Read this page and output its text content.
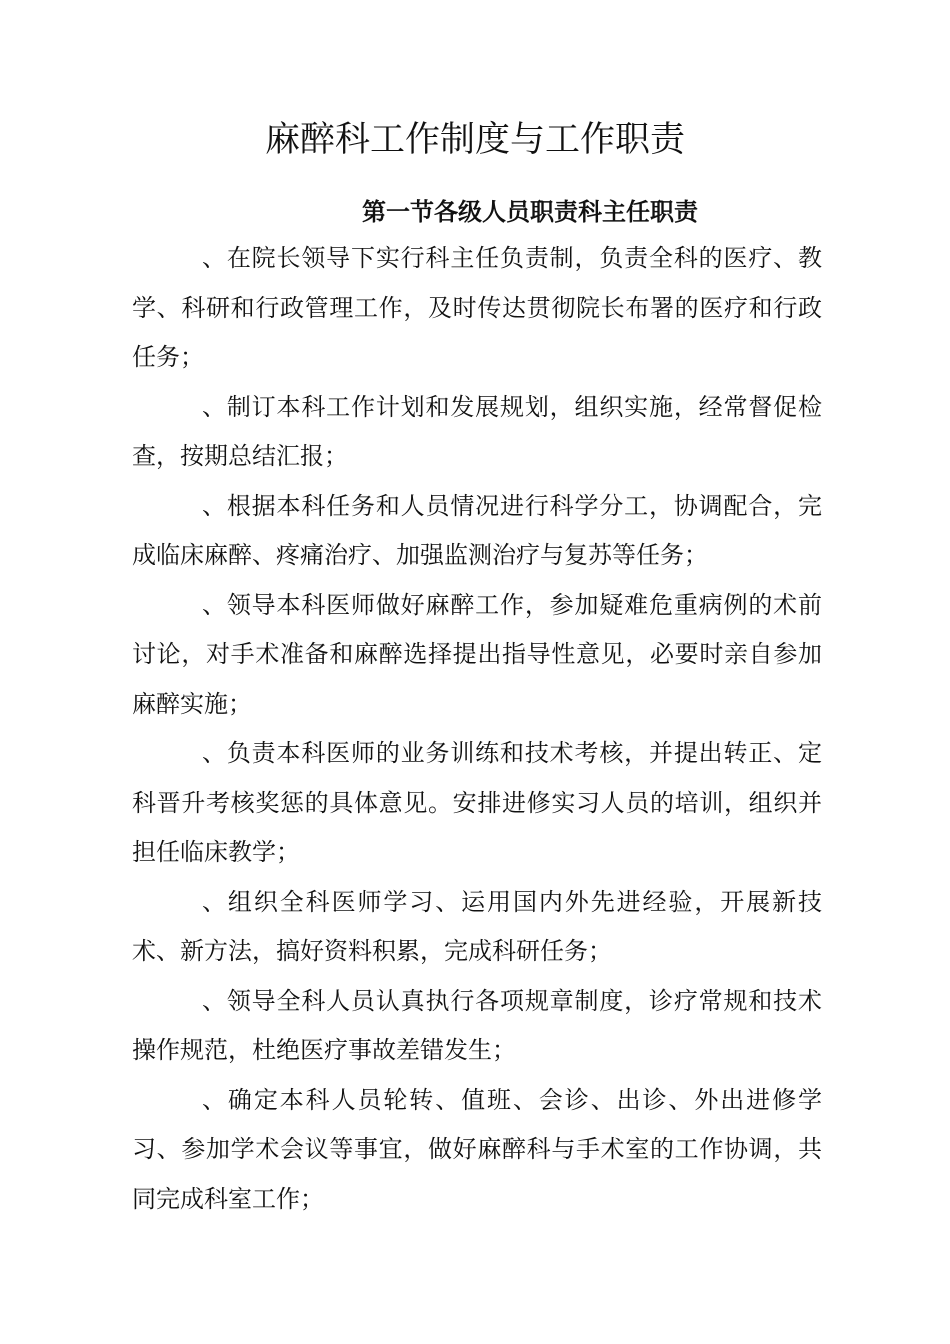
麻醉科工作制度与工作职责
第一节各级人员职责科主任职责

、在院长领导下实行科主任负责制，负责全科的医疗、教学、科研和行政管理工作，及时传达贯彻院长布署的医疗和行政任务；

、制订本科工作计划和发展规划，组织实施，经常督促检查，按期总结汇报；

、根据本科任务和人员情况进行科学分工，协调配合，完成临床麻醉、疼痛治疗、加强监测治疗与复苏等任务；

、领导本科医师做好麻醉工作，参加疑难危重病例的术前讨论，对手术准备和麻醉选择提出指导性意见，必要时亲自参加麻醉实施；

、负责本科医师的业务训练和技术考核，并提出转正、定科晋升考核奖惩的具体意见。安排进修实习人员的培训，组织并担任临床教学；

、组织全科医师学习、运用国内外先进经验，开展新技术、新方法，搞好资料积累，完成科研任务；

、领导全科人员认真执行各项规章制度，诊疗常规和技术操作规范，杜绝医疗事故差错发生；

、确定本科人员轮转、值班、会诊、出诊、外出进修学习、参加学术会议等事宜，做好麻醉科与手术室的工作协调，共同完成科室工作；
